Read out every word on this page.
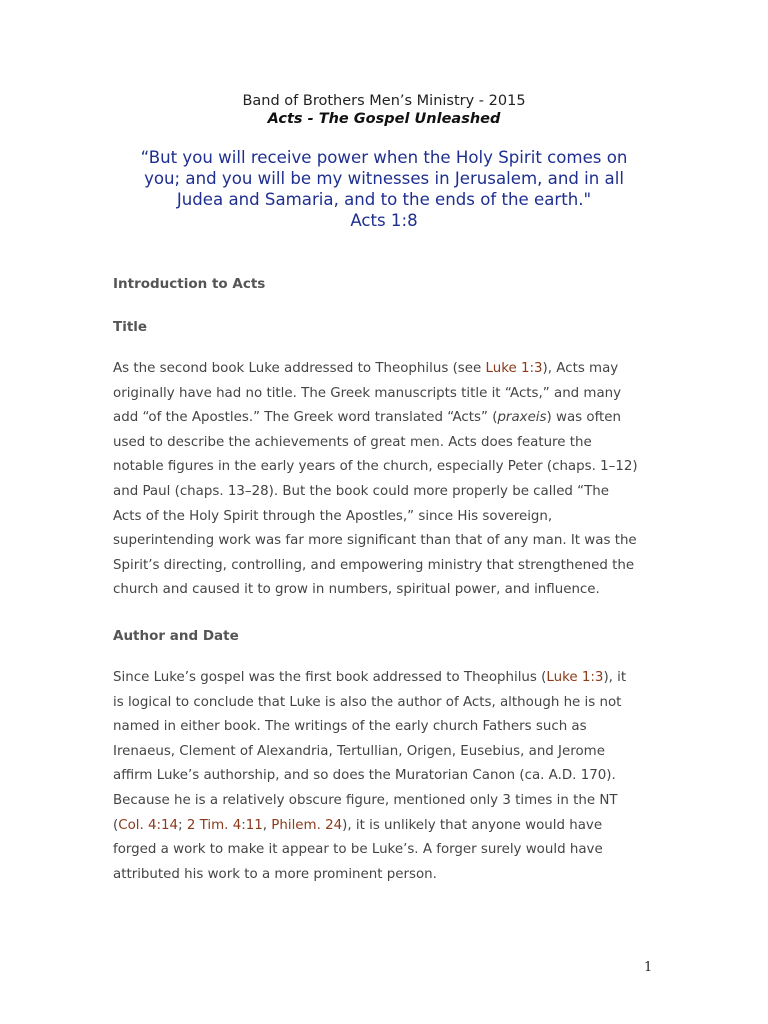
Band of Brothers Men’s Ministry - 2015
Acts - The Gospel Unleashed
“But you will receive power when the Holy Spirit comes on
you; and you will be my witnesses in Jerusalem, and in all
Judea and Samaria, and to the ends of the earth."
Acts 1:8
Introduction to Acts
Title
As the second book Luke addressed to Theophilus (see Luke 1:3), Acts may
originally have had no title. The Greek manuscripts title it “Acts,” and many
add “of the Apostles.” The Greek word translated “Acts” (praxeis) was often
used to describe the achievements of great men. Acts does feature the
notable figures in the early years of the church, especially Peter (chaps. 1–12)
and Paul (chaps. 13–28). But the book could more properly be called “The
Acts of the Holy Spirit through the Apostles,” since His sovereign,
superintending work was far more significant than that of any man. It was the
Spirit’s directing, controlling, and empowering ministry that strengthened the
church and caused it to grow in numbers, spiritual power, and influence.
Author and Date
Since Luke’s gospel was the first book addressed to Theophilus (Luke 1:3), it
is logical to conclude that Luke is also the author of Acts, although he is not
named in either book. The writings of the early church Fathers such as
Irenaeus, Clement of Alexandria, Tertullian, Origen, Eusebius, and Jerome
affirm Luke’s authorship, and so does the Muratorian Canon (ca. A.D. 170).
Because he is a relatively obscure figure, mentioned only 3 times in the NT
(Col. 4:14; 2 Tim. 4:11, Philem. 24), it is unlikely that anyone would have
forged a work to make it appear to be Luke’s. A forger surely would have
attributed his work to a more prominent person.
1
